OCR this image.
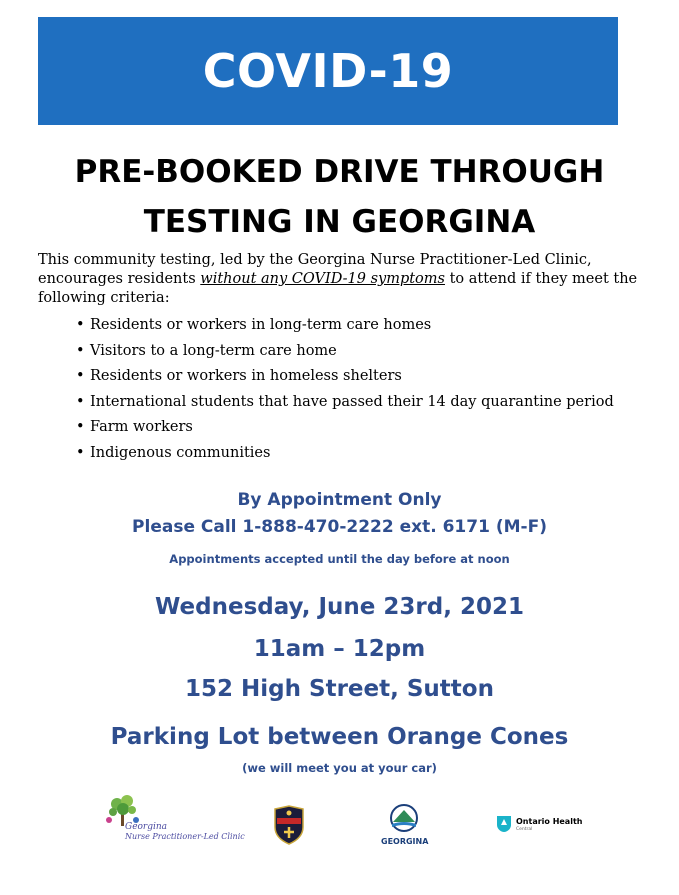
COVID-19
PRE-BOOKED DRIVE THROUGH
TESTING IN GEORGINA

This community testing, led by the Georgina Nurse Practitioner-Led Clinic, encourages residents without any COVID-19 symptoms to attend if they meet the following criteria:

• Residents or workers in long-term care homes
• Visitors to a long-term care home
• Residents or workers in homeless shelters
• International students that have passed their 14 day quarantine period
• Farm workers
• Indigenous communities
By Appointment Only
Please Call 1-888-470-2222 ext. 6171 (M-F)
Appointments accepted until the day before at noon
Wednesday, June 23rd, 2021
11am – 12pm
152 High Street, Sutton
Parking Lot between Orange Cones
(we will meet you at your car)
Georgina
Nurse Practitioner-Led Clinic
GEORGINA
Ontario Health
Central
